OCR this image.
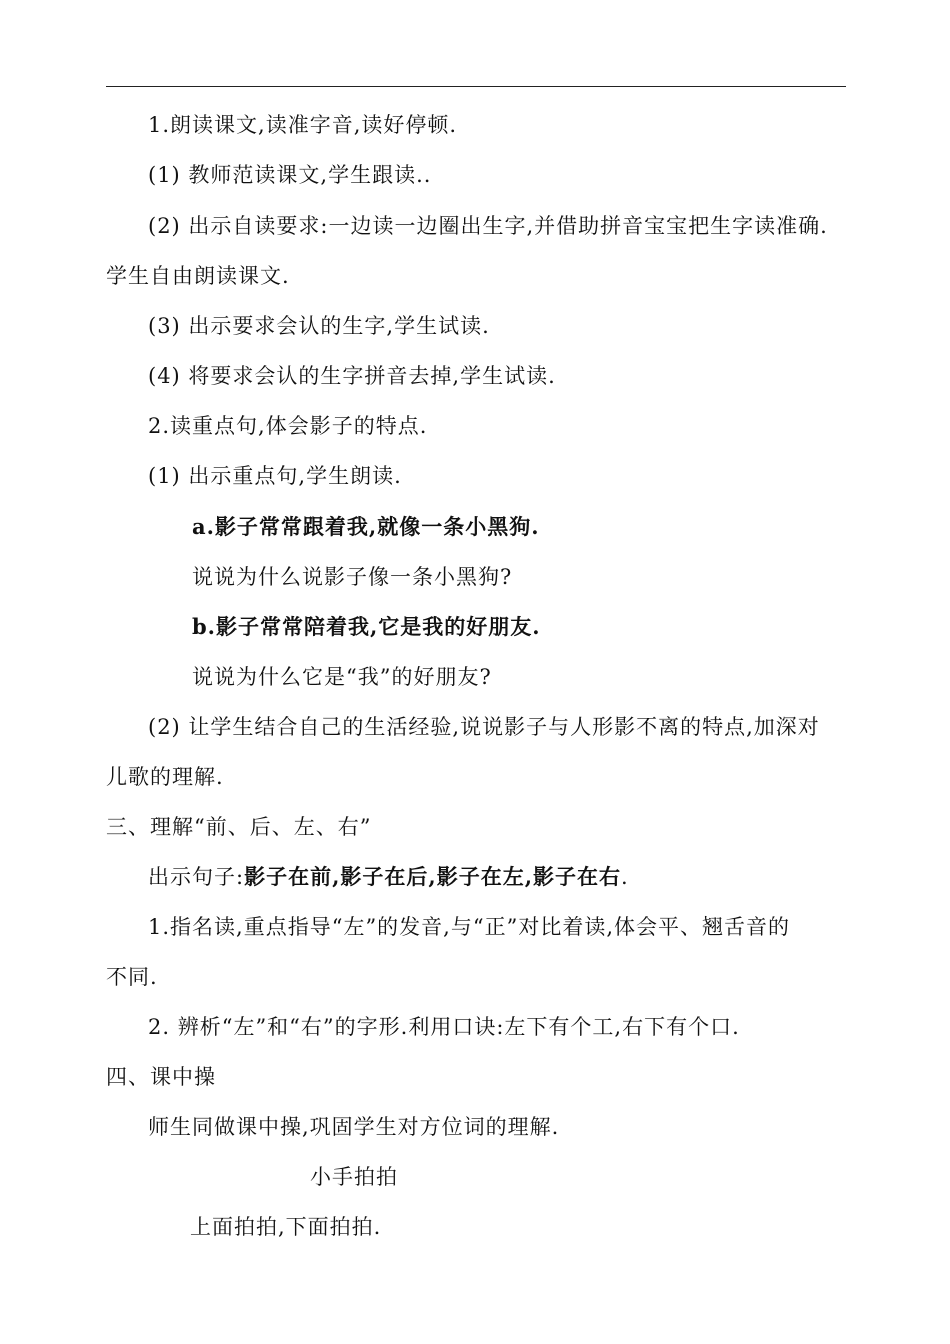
1.朗读课文,读准字音,读好停顿.
(1) 教师范读课文,学生跟读..
(2) 出示自读要求:一边读一边圈出生字,并借助拼音宝宝把生字读准确.
学生自由朗读课文.
(3) 出示要求会认的生字,学生试读.
(4) 将要求会认的生字拼音去掉,学生试读.
2.读重点句,体会影子的特点.
(1) 出示重点句,学生朗读.
a.影子常常跟着我,就像一条小黑狗.
说说为什么说影子像一条小黑狗?
b.影子常常陪着我,它是我的好朋友.
说说为什么它是“我”的好朋友?
(2) 让学生结合自己的生活经验,说说影子与人形影不离的特点,加深对
儿歌的理解.
三、理解“前、后、左、右”
出示句子:影子在前,影子在后,影子在左,影子在右.
1.指名读,重点指导“左”的发音,与“正”对比着读,体会平、翘舌音的
不同.
2. 辨析“左”和“右”的字形.利用口诀:左下有个工,右下有个口.
四、课中操
师生同做课中操,巩固学生对方位词的理解.
小手拍拍
上面拍拍,下面拍拍.
